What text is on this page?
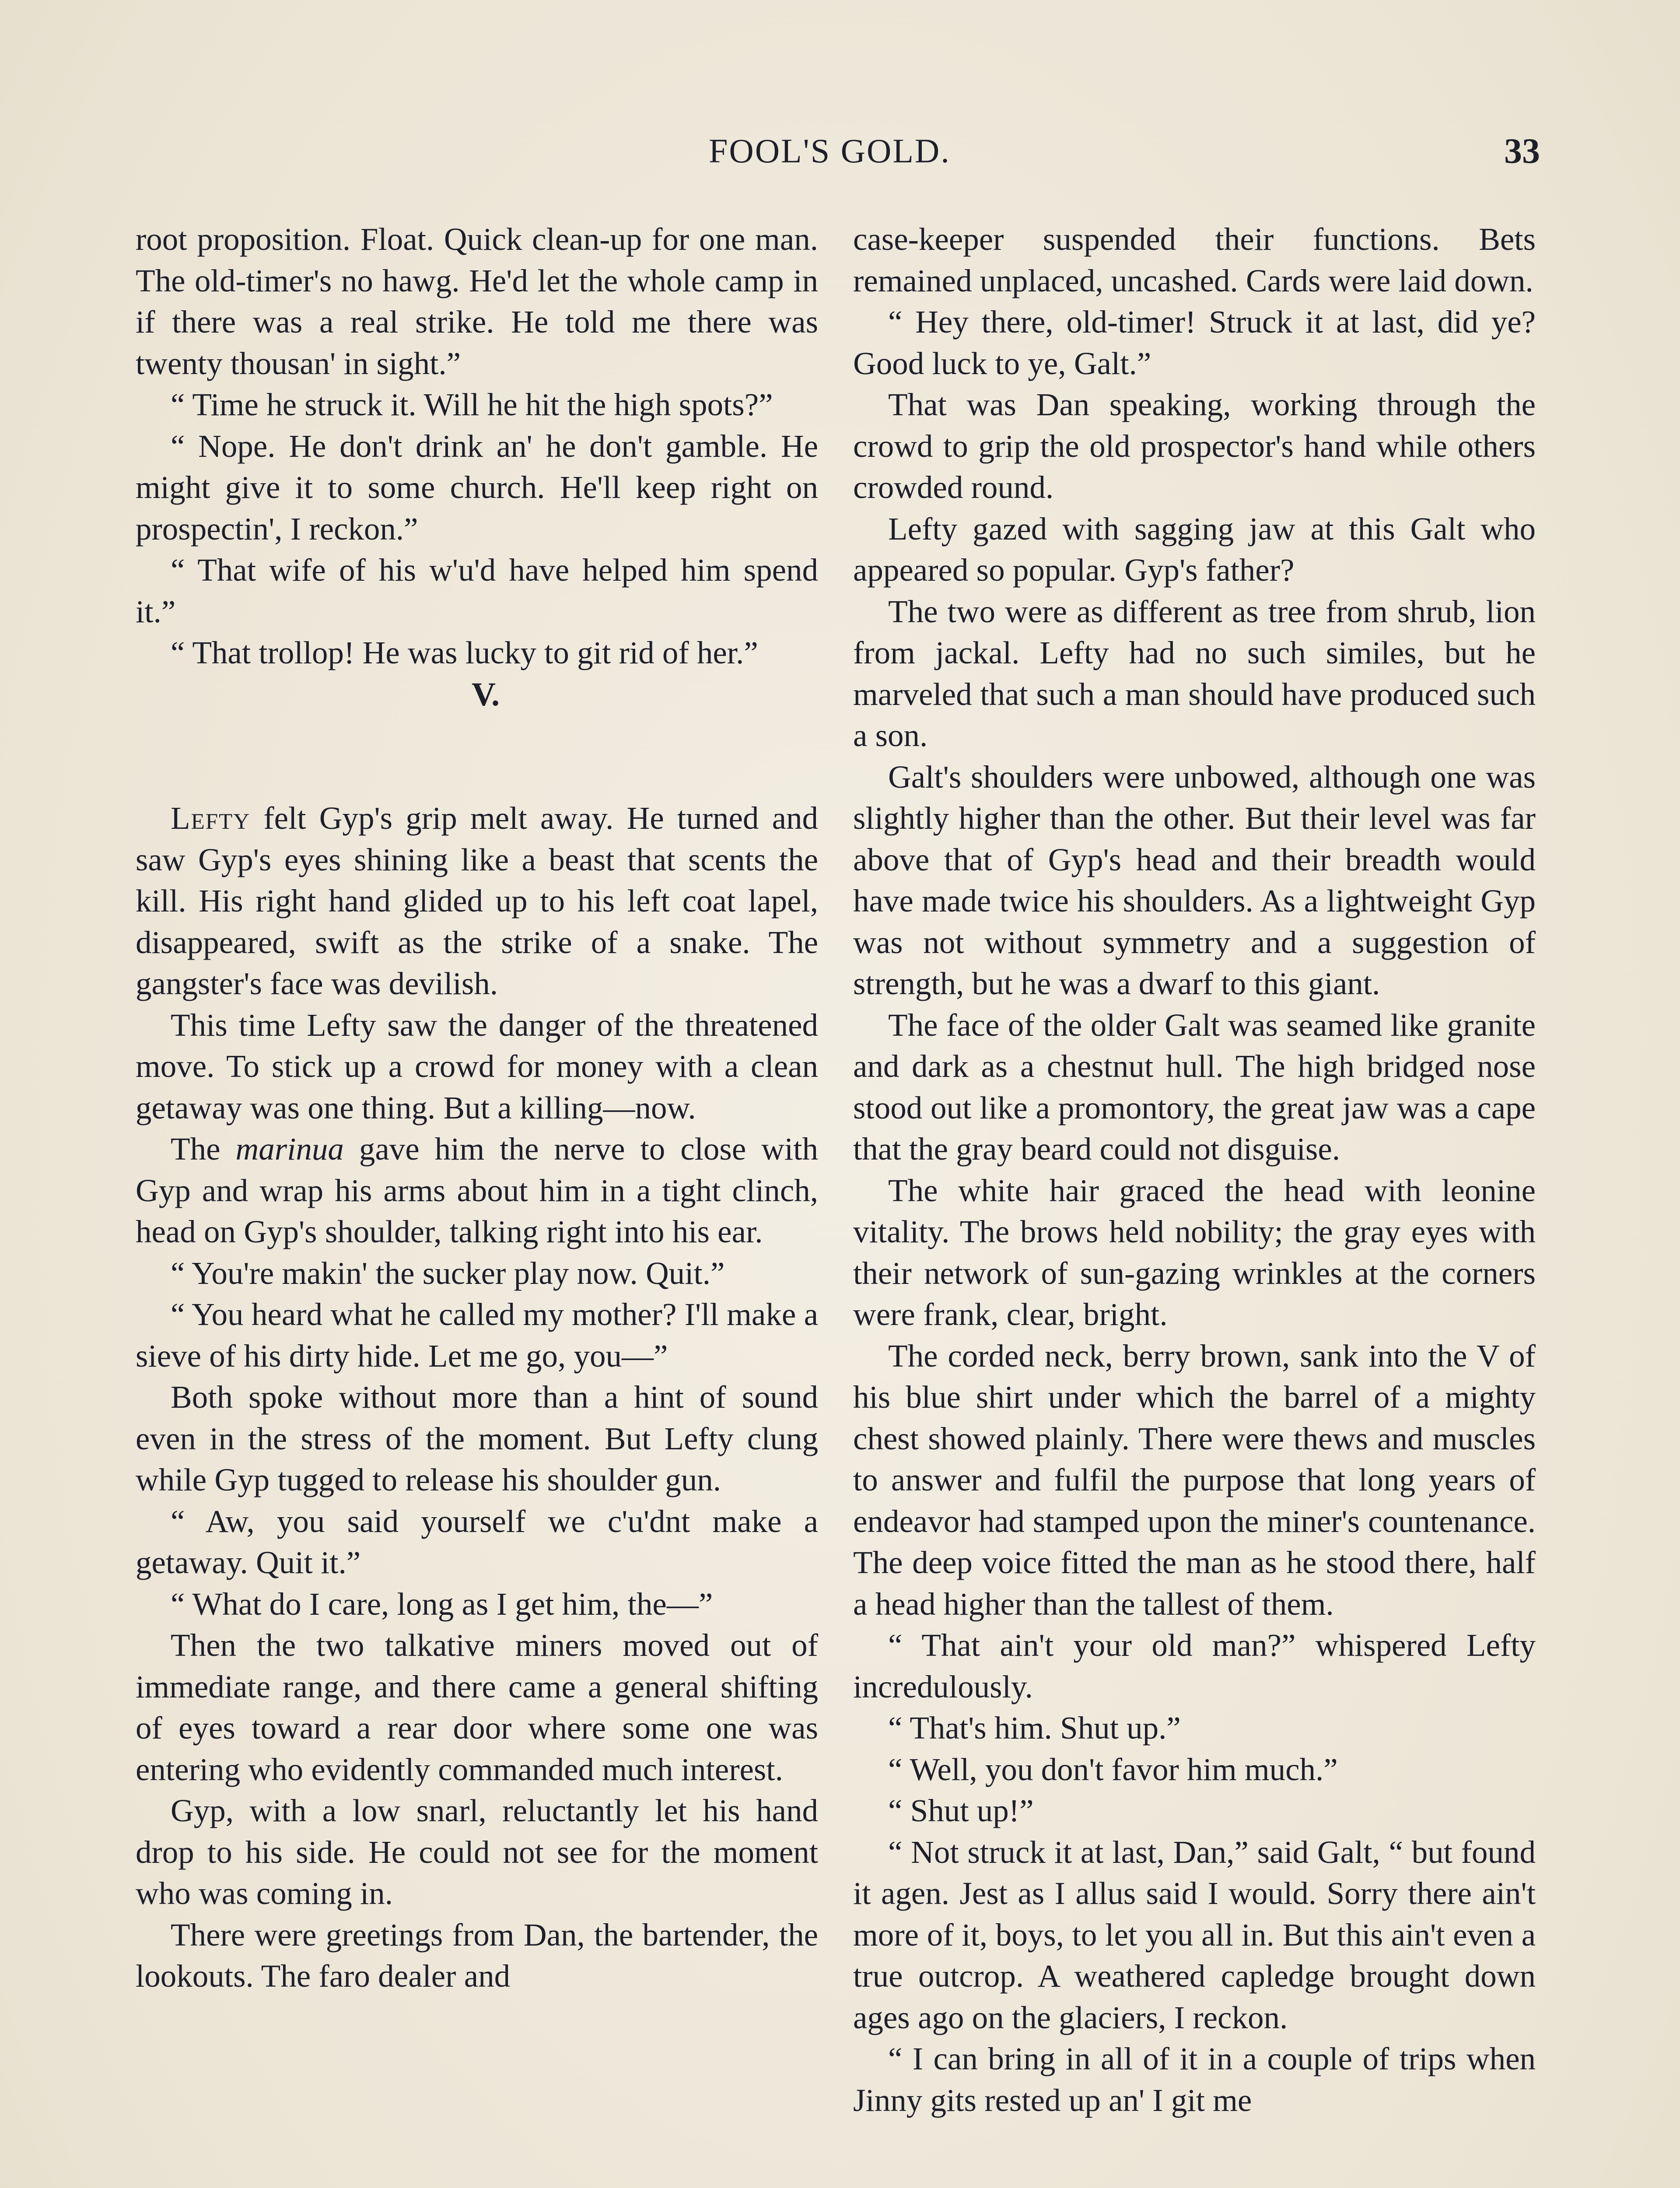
FOOL'S GOLD.	33

root proposition. Float. Quick clean-up for one man. The old-timer's no hawg. He'd let the whole camp in if there was a real strike. He told me there was twenty thousan' in sight.”

“ Time he struck it. Will he hit the high spots?”

“ Nope. He don't drink an' he don't gamble. He might give it to some church. He'll keep right on prospectin', I reckon.”

“ That wife of his w'u'd have helped him spend it.”

“ That trollop! He was lucky to git rid of her.”

V.

Lefty felt Gyp's grip melt away. He turned and saw Gyp's eyes shining like a beast that scents the kill. His right hand glided up to his left coat lapel, disappeared, swift as the strike of a snake. The gangster's face was devilish.

This time Lefty saw the danger of the threatened move. To stick up a crowd for money with a clean getaway was one thing. But a killing—now.

The marinua gave him the nerve to close with Gyp and wrap his arms about him in a tight clinch, head on Gyp's shoulder, talking right into his ear.

“ You're makin' the sucker play now. Quit.”

“ You heard what he called my mother? I'll make a sieve of his dirty hide. Let me go, you—”

Both spoke without more than a hint of sound even in the stress of the moment. But Lefty clung while Gyp tugged to release his shoulder gun.

“ Aw, you said yourself we c'u'dnt make a getaway. Quit it.”

“ What do I care, long as I get him, the—”

Then the two talkative miners moved out of immediate range, and there came a general shifting of eyes toward a rear door where some one was entering who evidently commanded much interest.

Gyp, with a low snarl, reluctantly let his hand drop to his side. He could not see for the moment who was coming in.

There were greetings from Dan, the bartender, the lookouts. The faro dealer and

case-keeper suspended their functions. Bets remained unplaced, uncashed. Cards were laid down.

“ Hey there, old-timer! Struck it at last, did ye? Good luck to ye, Galt.”

That was Dan speaking, working through the crowd to grip the old prospector's hand while others crowded round.

Lefty gazed with sagging jaw at this Galt who appeared so popular. Gyp's father?

The two were as different as tree from shrub, lion from jackal. Lefty had no such similes, but he marveled that such a man should have produced such a son.

Galt's shoulders were unbowed, although one was slightly higher than the other. But their level was far above that of Gyp's head and their breadth would have made twice his shoulders. As a lightweight Gyp was not without symmetry and a suggestion of strength, but he was a dwarf to this giant.

The face of the older Galt was seamed like granite and dark as a chestnut hull. The high bridged nose stood out like a promontory, the great jaw was a cape that the gray beard could not disguise.

The white hair graced the head with leonine vitality. The brows held nobility; the gray eyes with their network of sun-gazing wrinkles at the corners were frank, clear, bright.

The corded neck, berry brown, sank into the V of his blue shirt under which the barrel of a mighty chest showed plainly. There were thews and muscles to answer and fulfil the purpose that long years of endeavor had stamped upon the miner's countenance. The deep voice fitted the man as he stood there, half a head higher than the tallest of them.

“ That ain't your old man?” whispered Lefty incredulously.

“ That's him. Shut up.”

“ Well, you don't favor him much.”

“ Shut up!”

“ Not struck it at last, Dan,” said Galt, “ but found it agen. Jest as I allus said I would. Sorry there ain't more of it, boys, to let you all in. But this ain't even a true outcrop. A weathered capledge brought down ages ago on the glaciers, I reckon.

“ I can bring in all of it in a couple of trips when Jinny gits rested up an' I git me
